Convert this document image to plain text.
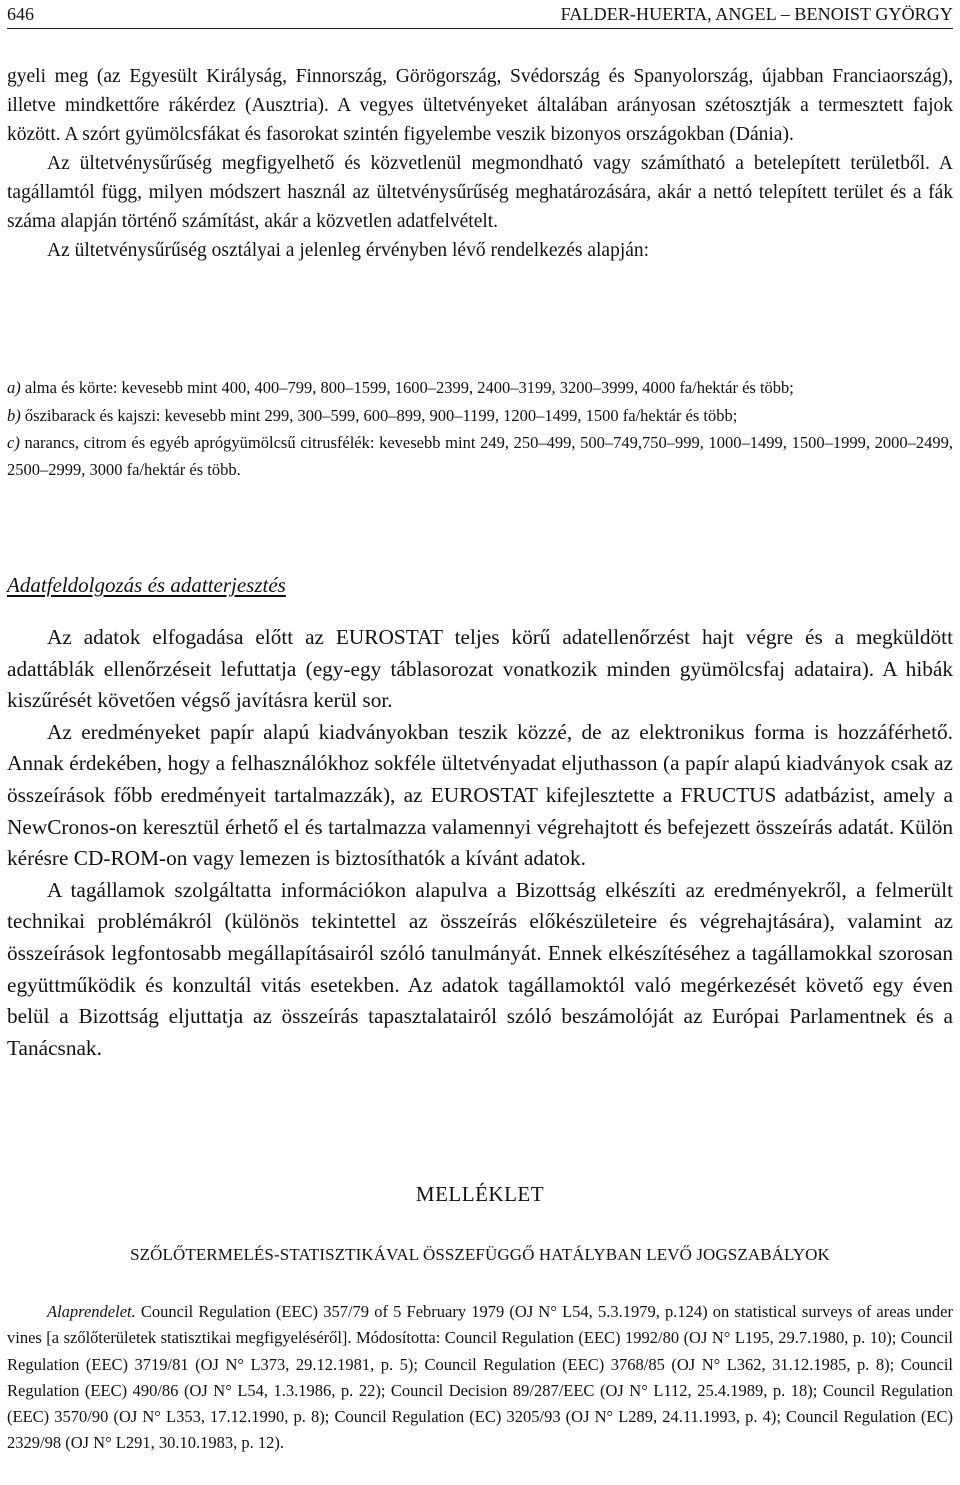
646	FALDER-HUERTA, ANGEL – BENOIST GYÖRGY

gyeli meg (az Egyesült Királyság, Finnország, Görögország, Svédország és Spanyolország, újabban Franciaország), illetve mindkettőre rákérdez (Ausztria). A vegyes ültetvényeket általában arányosan szétosztják a termesztett fajok között. A szórt gyümölcsfákat és fasorokat szintén figyelembe veszik bizonyos országokban (Dánia).

Az ültetvénysűrűség megfigyelhető és közvetlenül megmondható vagy számítható a betelepített területből. A tagállamtól függ, milyen módszert használ az ültetvénysűrűség meghatározására, akár a nettó telepített terület és a fák száma alapján történő számítást, akár a közvetlen adatfelvételt.

Az ültetvénysűrűség osztályai a jelenleg érvényben lévő rendelkezés alapján:

a) alma és körte: kevesebb mint 400, 400–799, 800–1599, 1600–2399, 2400–3199, 3200–3999, 4000 fa/hektár és több;

b) őszibarack és kajszi: kevesebb mint 299, 300–599, 600–899, 900–1199, 1200–1499, 1500 fa/hektár és több;

c) narancs, citrom és egyéb aprógyümölcsű citrusfélék: kevesebb mint 249, 250–499, 500–749,750–999, 1000–1499, 1500–1999, 2000–2499, 2500–2999, 3000 fa/hektár és több.

Adatfeldolgozás és adatterjesztés

Az adatok elfogadása előtt az EUROSTAT teljes körű adatellenőrzést hajt végre és a megküldött adattáblák ellenőrzéseit lefuttatja (egy-egy táblasorozat vonatkozik minden gyümölcsfaj adataira). A hibák kiszűrését követően végső javításra kerül sor.

Az eredményeket papír alapú kiadványokban teszik közzé, de az elektronikus forma is hozzáférhető. Annak érdekében, hogy a felhasználókhoz sokféle ültetvényadat eljuthasson (a papír alapú kiadványok csak az összeírások főbb eredményeit tartalmazzák), az EUROSTAT kifejlesztette a FRUCTUS adatbázist, amely a NewCronos-on keresztül érhető el és tartalmazza valamennyi végrehajtott és befejezett összeírás adatát. Külön kérésre CD-ROM-on vagy lemezen is biztosíthatók a kívánt adatok.

A tagállamok szolgáltatta információkon alapulva a Bizottság elkészíti az eredményekről, a felmerült technikai problémákról (különös tekintettel az összeírás előkészületeire és végrehajtására), valamint az összeírások legfontosabb megállapításairól szóló tanulmányát. Ennek elkészítéséhez a tagállamokkal szorosan együttműködik és konzultál vitás esetekben. Az adatok tagállamoktól való megérkezését követő egy éven belül a Bizottság eljuttatja az összeírás tapasztalatairól szóló beszámolóját az Európai Parlamentnek és a Tanácsnak.

MELLÉKLET
SZŐLŐTERMELÉS-STATISZTIKÁVAL ÖSSZEFÜGGŐ HATÁLYBAN LEVŐ JOGSZABÁLYOK

Alaprendelet. Council Regulation (EEC) 357/79 of 5 February 1979 (OJ N° L54, 5.3.1979, p.124) on statistical surveys of areas under vines [a szőlőterületek statisztikai megfigyeléséről]. Módosította: Council Regulation (EEC) 1992/80 (OJ N° L195, 29.7.1980, p. 10); Council Regulation (EEC) 3719/81 (OJ N° L373, 29.12.1981, p. 5); Council Regulation (EEC) 3768/85 (OJ N° L362, 31.12.1985, p. 8); Council Regulation (EEC) 490/86 (OJ N° L54, 1.3.1986, p. 22); Council Decision 89/287/EEC (OJ N° L112, 25.4.1989, p. 18); Council Regulation (EEC) 3570/90 (OJ N° L353, 17.12.1990, p. 8); Council Regulation (EC) 3205/93 (OJ N° L289, 24.11.1993, p. 4); Council Regulation (EC) 2329/98 (OJ N° L291, 30.10.1983, p. 12).
